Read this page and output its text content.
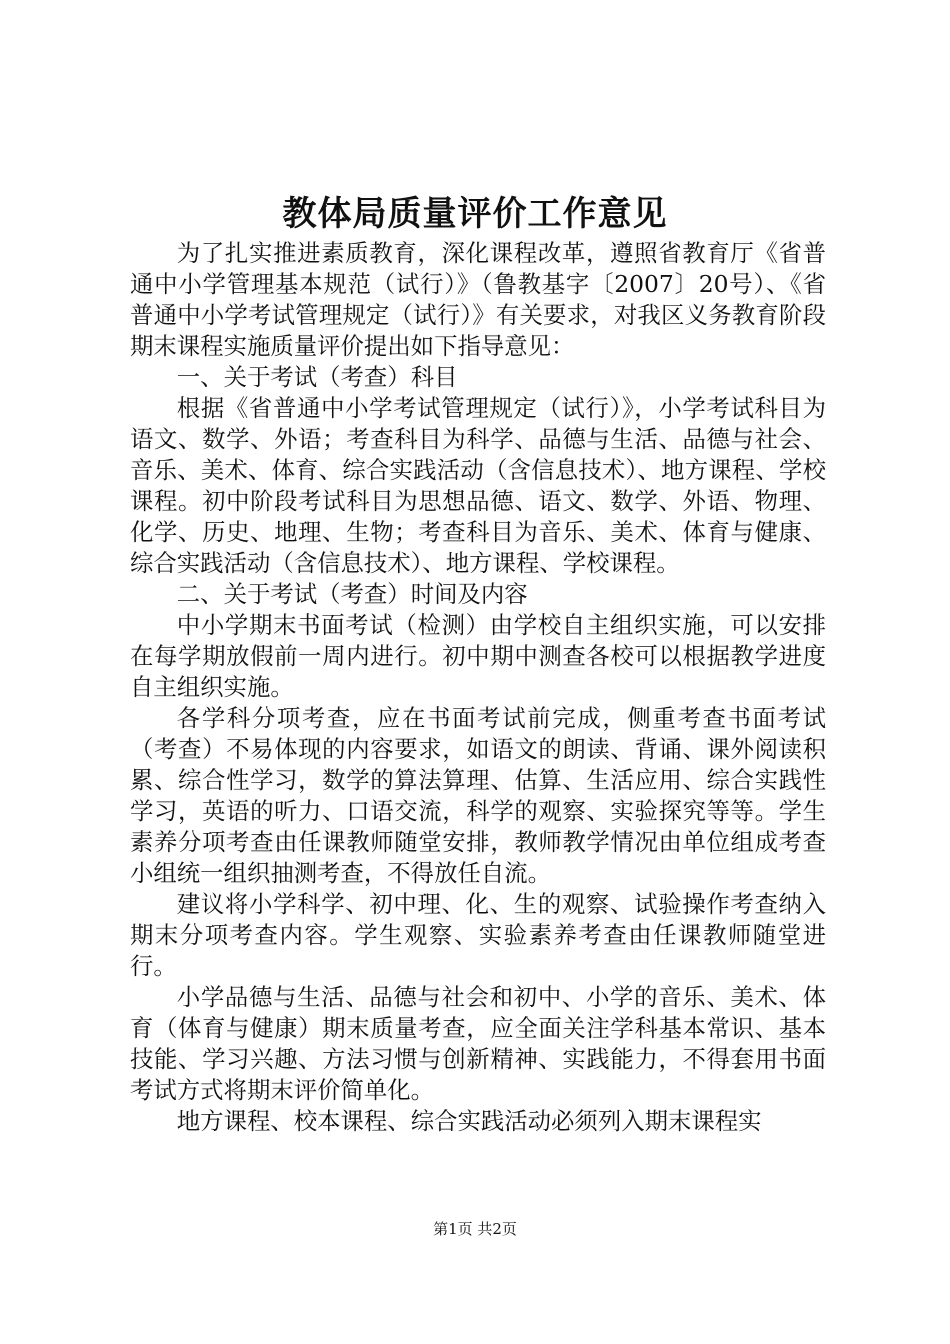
教体局质量评价工作意见

为了扎实推进素质教育，深化课程改革，遵照省教育厅《省普通中小学管理基本规范（试行）》（鲁教基字〔2007〕20号）、《省普通中小学考试管理规定（试行）》有关要求，对我区义务教育阶段期末课程实施质量评价提出如下指导意见：

一、关于考试（考查）科目

根据《省普通中小学考试管理规定（试行）》，小学考试科目为语文、数学、外语；考查科目为科学、品德与生活、品德与社会、音乐、美术、体育、综合实践活动（含信息技术）、地方课程、学校课程。初中阶段考试科目为思想品德、语文、数学、外语、物理、化学、历史、地理、生物；考查科目为音乐、美术、体育与健康、综合实践活动（含信息技术）、地方课程、学校课程。

二、关于考试（考查）时间及内容

中小学期末书面考试（检测）由学校自主组织实施，可以安排在每学期放假前一周内进行。初中期中测查各校可以根据教学进度自主组织实施。

各学科分项考查，应在书面考试前完成，侧重考查书面考试（考查）不易体现的内容要求，如语文的朗读、背诵、课外阅读积累、综合性学习，数学的算法算理、估算、生活应用、综合实践性学习，英语的听力、口语交流，科学的观察、实验探究等等。学生素养分项考查由任课教师随堂安排，教师教学情况由单位组成考查小组统一组织抽测考查，不得放任自流。

建议将小学科学、初中理、化、生的观察、试验操作考查纳入期末分项考查内容。学生观察、实验素养考查由任课教师随堂进行。

小学品德与生活、品德与社会和初中、小学的音乐、美术、体育（体育与健康）期末质量考查，应全面关注学科基本常识、基本技能、学习兴趣、方法习惯与创新精神、实践能力，不得套用书面考试方式将期末评价简单化。

地方课程、校本课程、综合实践活动必须列入期末课程实

第1页 共2页
